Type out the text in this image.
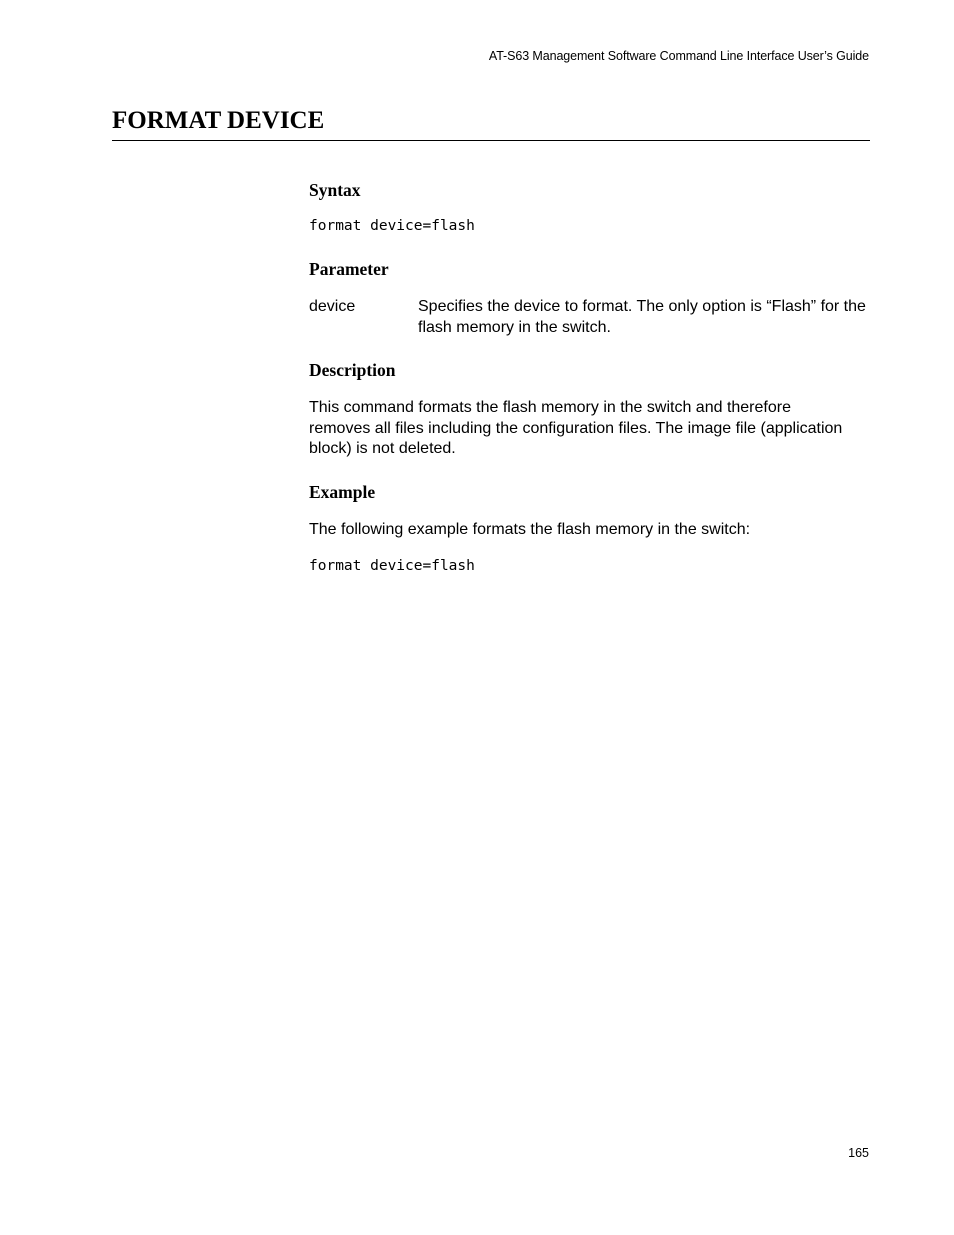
AT-S63 Management Software Command Line Interface User’s Guide
FORMAT DEVICE
Syntax
format device=flash
Parameter
device	Specifies the device to format. The only option is “Flash” for the flash memory in the switch.
Description
This command formats the flash memory in the switch and therefore removes all files including the configuration files. The image file (application block) is not deleted.
Example
The following example formats the flash memory in the switch:
format device=flash
165
